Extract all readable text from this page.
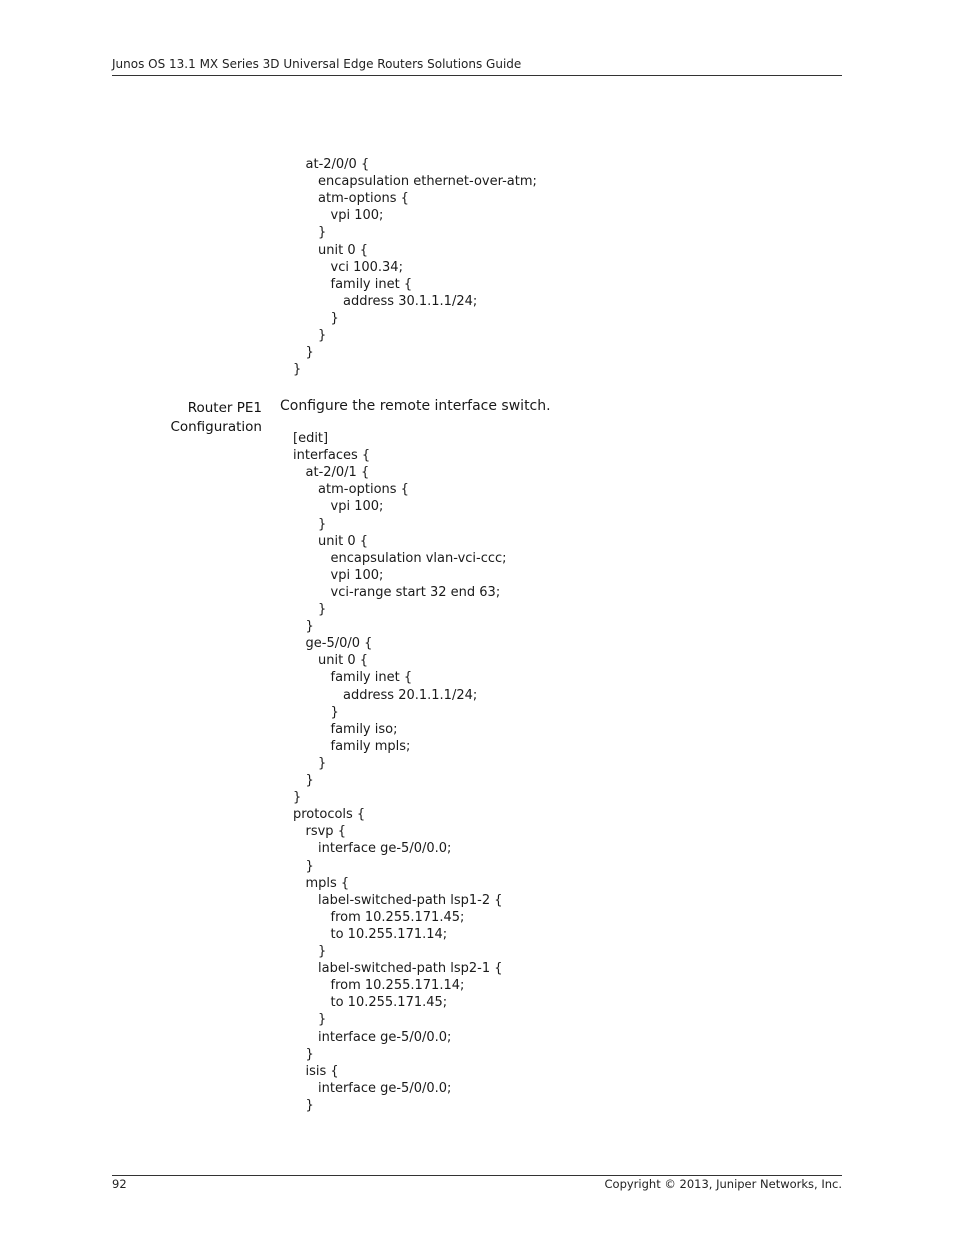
Junos OS 13.1 MX Series 3D Universal Edge Routers Solutions Guide
at-2/0/0 {
encapsulation ethernet-over-atm;
atm-options {
vpi 100;
}
unit 0 {
vci 100.34;
family inet {
address 30.1.1.1/24;
}
}
}
}
Router PE1
Configuration
Configure the remote interface switch.
[edit]
interfaces {
at-2/0/1 {
atm-options {
vpi 100;
}
unit 0 {
encapsulation vlan-vci-ccc;
vpi 100;
vci-range start 32 end 63;
}
}
ge-5/0/0 {
unit 0 {
family inet {
address 20.1.1.1/24;
}
family iso;
family mpls;
}
}
}
protocols {
rsvp {
interface ge-5/0/0.0;
}
mpls {
label-switched-path lsp1-2 {
from 10.255.171.45;
to 10.255.171.14;
}
label-switched-path lsp2-1 {
from 10.255.171.14;
to 10.255.171.45;
}
interface ge-5/0/0.0;
}
isis {
interface ge-5/0/0.0;
}
92	Copyright © 2013, Juniper Networks, Inc.
